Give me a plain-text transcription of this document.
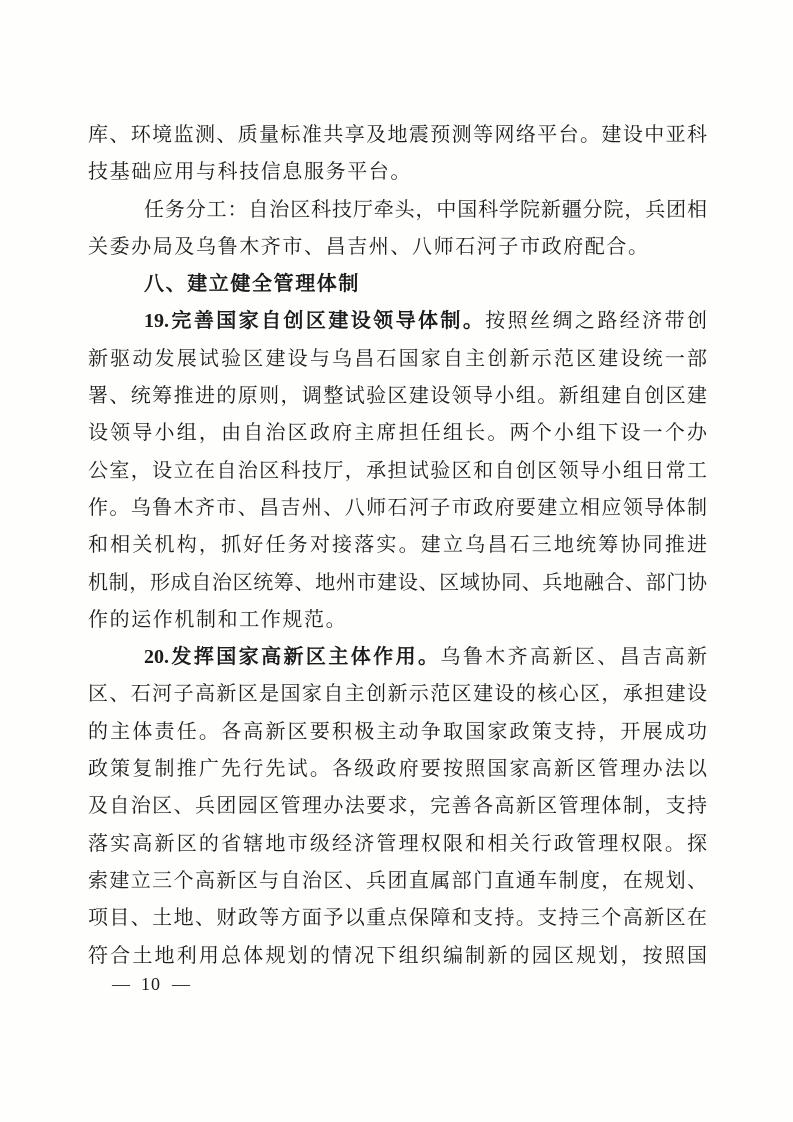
库、环境监测、质量标准共享及地震预测等网络平台。建设中亚科
技基础应用与科技信息服务平台。
任务分工：自治区科技厅牵头，中国科学院新疆分院，兵团相
关委办局及乌鲁木齐市、昌吉州、八师石河子市政府配合。
八、建立健全管理体制
19.完善国家自创区建设领导体制。按照丝绸之路经济带创
新驱动发展试验区建设与乌昌石国家自主创新示范区建设统一部
署、统筹推进的原则，调整试验区建设领导小组。新组建自创区建
设领导小组，由自治区政府主席担任组长。两个小组下设一个办
公室，设立在自治区科技厅，承担试验区和自创区领导小组日常工
作。乌鲁木齐市、昌吉州、八师石河子市政府要建立相应领导体制
和相关机构，抓好任务对接落实。建立乌昌石三地统筹协同推进
机制，形成自治区统筹、地州市建设、区域协同、兵地融合、部门协
作的运作机制和工作规范。
20.发挥国家高新区主体作用。乌鲁木齐高新区、昌吉高新
区、石河子高新区是国家自主创新示范区建设的核心区，承担建设
的主体责任。各高新区要积极主动争取国家政策支持，开展成功
政策复制推广先行先试。各级政府要按照国家高新区管理办法以
及自治区、兵团园区管理办法要求，完善各高新区管理体制，支持
落实高新区的省辖地市级经济管理权限和相关行政管理权限。探
索建立三个高新区与自治区、兵团直属部门直通车制度，在规划、
项目、土地、财政等方面予以重点保障和支持。支持三个高新区在
符合土地利用总体规划的情况下组织编制新的园区规划，按照国
— 10 —
